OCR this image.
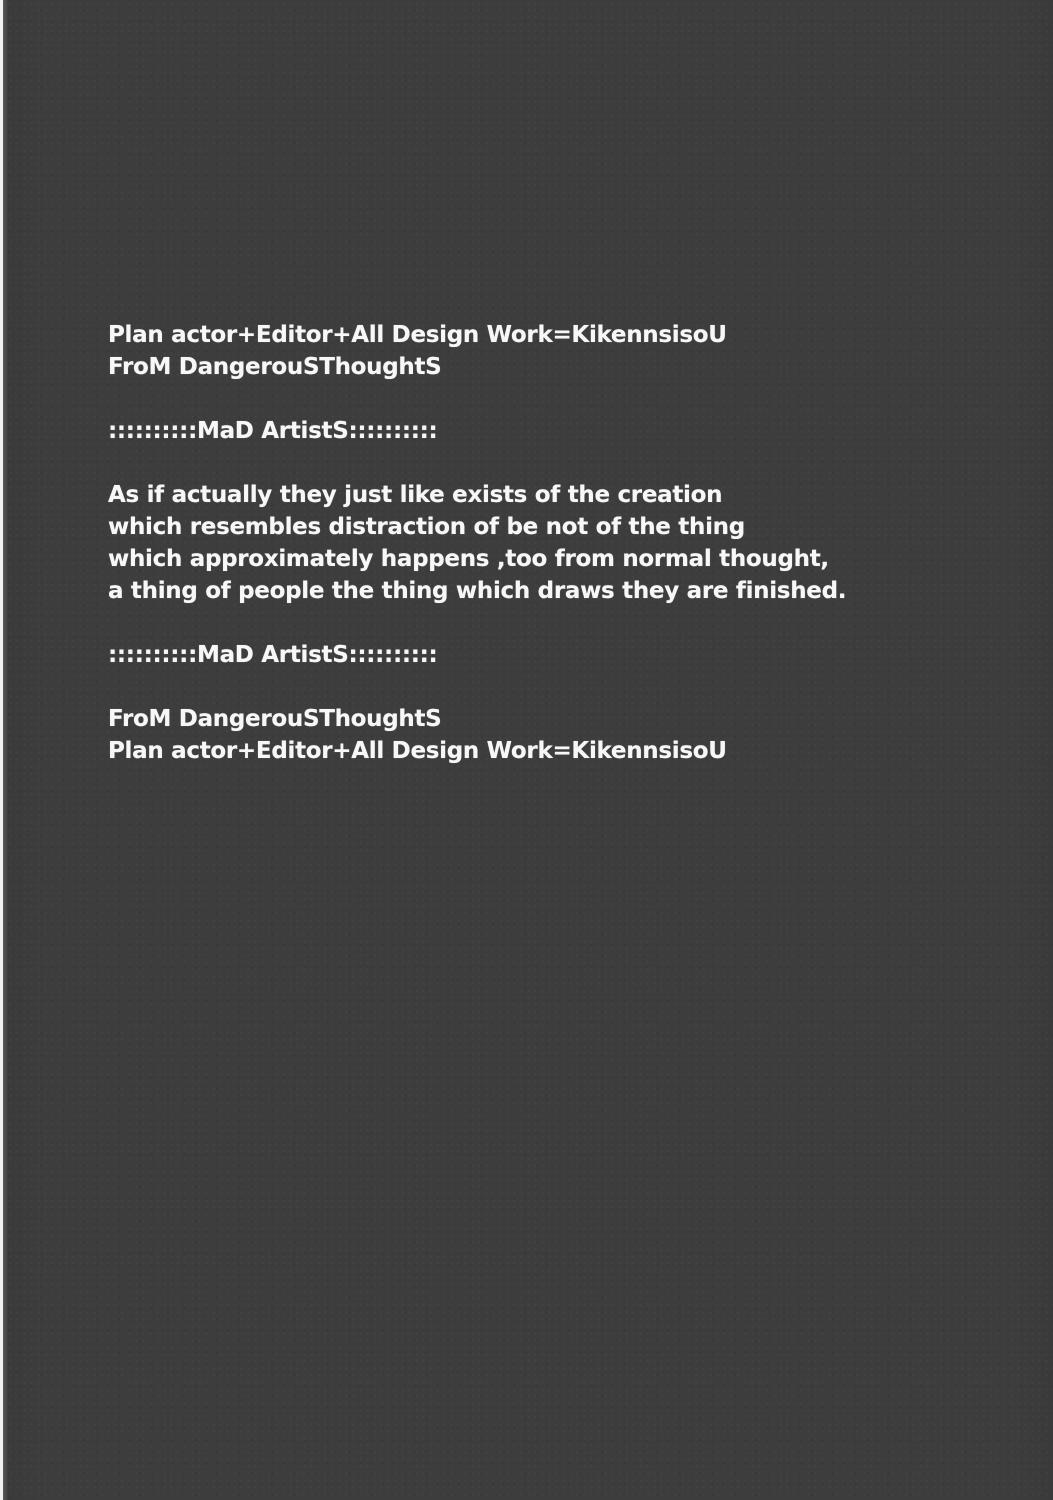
Plan actor+Editor+All Design Work=KikennsisoU
FroM DangerouSThoughtS
::::::::::MaD ArtistS::::::::::
As if actually they just like exists of the creation
which resembles distraction of be not of the thing
which approximately happens ,too from normal thought,
a thing of people the thing which draws they are finished.
::::::::::MaD ArtistS::::::::::
FroM DangerouSThoughtS
Plan actor+Editor+All Design Work=KikennsisoU
